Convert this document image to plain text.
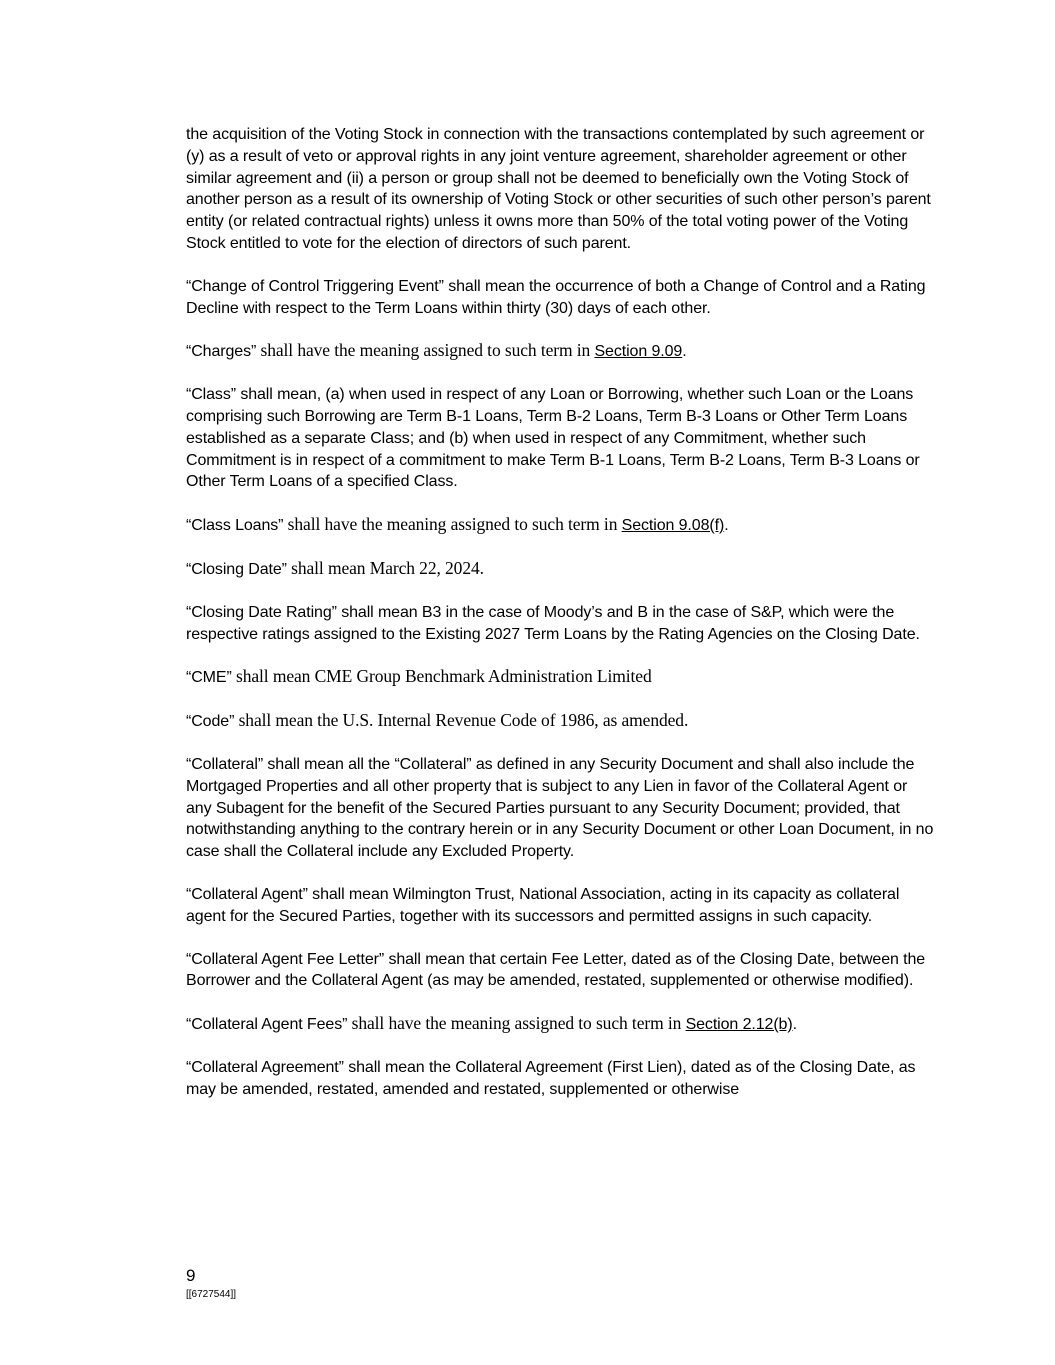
the acquisition of the Voting Stock in connection with the transactions contemplated by such agreement or (y) as a result of veto or approval rights in any joint venture agreement, shareholder agreement or other similar agreement and (ii) a person or group shall not be deemed to beneficially own the Voting Stock of another person as a result of its ownership of Voting Stock or other securities of such other person’s parent entity (or related contractual rights) unless it owns more than 50% of the total voting power of the Voting Stock entitled to vote for the election of directors of such parent.

“Change of Control Triggering Event” shall mean the occurrence of both a Change of Control and a Rating Decline with respect to the Term Loans within thirty (30) days of each other.

“Charges” shall have the meaning assigned to such term in Section 9.09.

“Class” shall mean, (a) when used in respect of any Loan or Borrowing, whether such Loan or the Loans comprising such Borrowing are Term B-1 Loans, Term B-2 Loans, Term B-3 Loans or Other Term Loans established as a separate Class; and (b) when used in respect of any Commitment, whether such Commitment is in respect of a commitment to make Term B-1 Loans, Term B-2 Loans, Term B-3 Loans or Other Term Loans of a specified Class.

“Class Loans” shall have the meaning assigned to such term in Section 9.08(f).

“Closing Date” shall mean March 22, 2024.

“Closing Date Rating” shall mean B3 in the case of Moody’s and B in the case of S&P, which were the respective ratings assigned to the Existing 2027 Term Loans by the Rating Agencies on the Closing Date.

“CME” shall mean CME Group Benchmark Administration Limited

“Code” shall mean the U.S. Internal Revenue Code of 1986, as amended.

“Collateral” shall mean all the “Collateral” as defined in any Security Document and shall also include the Mortgaged Properties and all other property that is subject to any Lien in favor of the Collateral Agent or any Subagent for the benefit of the Secured Parties pursuant to any Security Document; provided, that notwithstanding anything to the contrary herein or in any Security Document or other Loan Document, in no case shall the Collateral include any Excluded Property.

“Collateral Agent” shall mean Wilmington Trust, National Association, acting in its capacity as collateral agent for the Secured Parties, together with its successors and permitted assigns in such capacity.

“Collateral Agent Fee Letter” shall mean that certain Fee Letter, dated as of the Closing Date, between the Borrower and the Collateral Agent (as may be amended, restated, supplemented or otherwise modified).

“Collateral Agent Fees” shall have the meaning assigned to such term in Section 2.12(b).

“Collateral Agreement” shall mean the Collateral Agreement (First Lien), dated as of the Closing Date, as may be amended, restated, amended and restated, supplemented or otherwise

9
[[6727544]]
